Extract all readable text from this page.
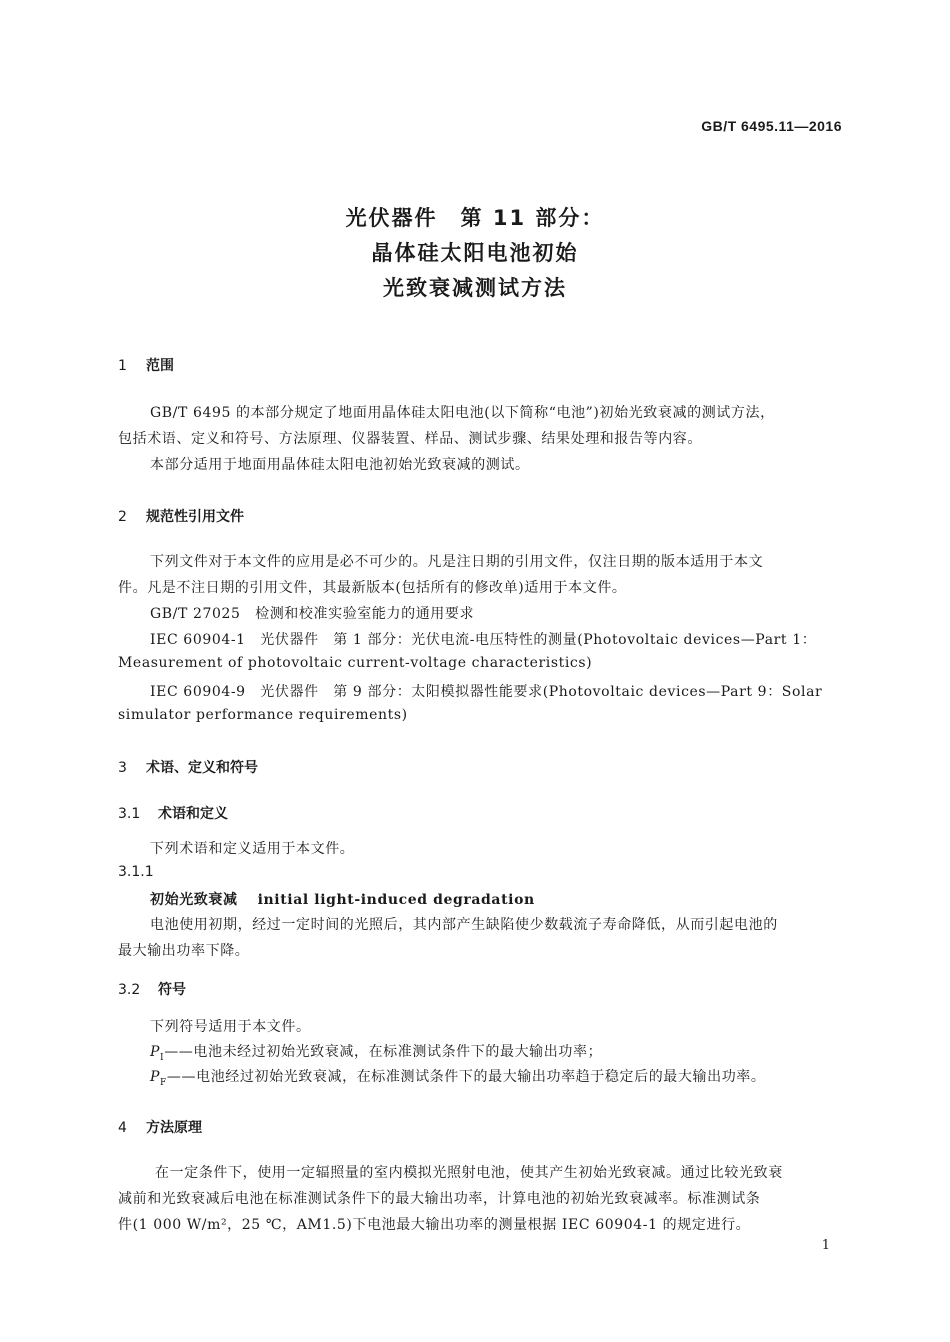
GB/T 6495.11—2016
光伏器件　第 11 部分：
晶体硅太阳电池初始
光致衰减测试方法
1 范围
GB/T 6495 的本部分规定了地面用晶体硅太阳电池(以下简称“电池”)初始光致衰减的测试方法，
包括术语、定义和符号、方法原理、仪器装置、样品、测试步骤、结果处理和报告等内容。
本部分适用于地面用晶体硅太阳电池初始光致衰减的测试。
2 规范性引用文件
下列文件对于本文件的应用是必不可少的。凡是注日期的引用文件，仅注日期的版本适用于本文
件。凡是不注日期的引用文件，其最新版本(包括所有的修改单)适用于本文件。
GB/T 27025　检测和校准实验室能力的通用要求
IEC 60904-1　光伏器件　第 1 部分：光伏电流-电压特性的测量(Photovoltaic devices—Part 1：
Measurement of photovoltaic current-voltage characteristics)
IEC 60904-9　光伏器件　第 9 部分：太阳模拟器性能要求(Photovoltaic devices—Part 9：Solar
simulator performance requirements)
3 术语、定义和符号
3.1 术语和定义
下列术语和定义适用于本文件。
3.1.1
初始光致衰减 initial light-induced degradation
电池使用初期，经过一定时间的光照后，其内部产生缺陷使少数载流子寿命降低，从而引起电池的
最大输出功率下降。
3.2 符号
下列符号适用于本文件。
$P_I——$电池未经过初始光致衰减，在标准测试条件下的最大输出功率；
$P_F——$电池经过初始光致衰减，在标准测试条件下的最大输出功率趋于稳定后的最大输出功率。
4 方法原理
在一定条件下，使用一定辐照量的室内模拟光照射电池，使其产生初始光致衰减。通过比较光致衰
减前和光致衰减后电池在标准测试条件下的最大输出功率，计算电池的初始光致衰减率。标准测试条
件(1 000 W/m²，25 ℃，AM1.5)下电池最大输出功率的测量根据 IEC 60904-1 的规定进行。
1
